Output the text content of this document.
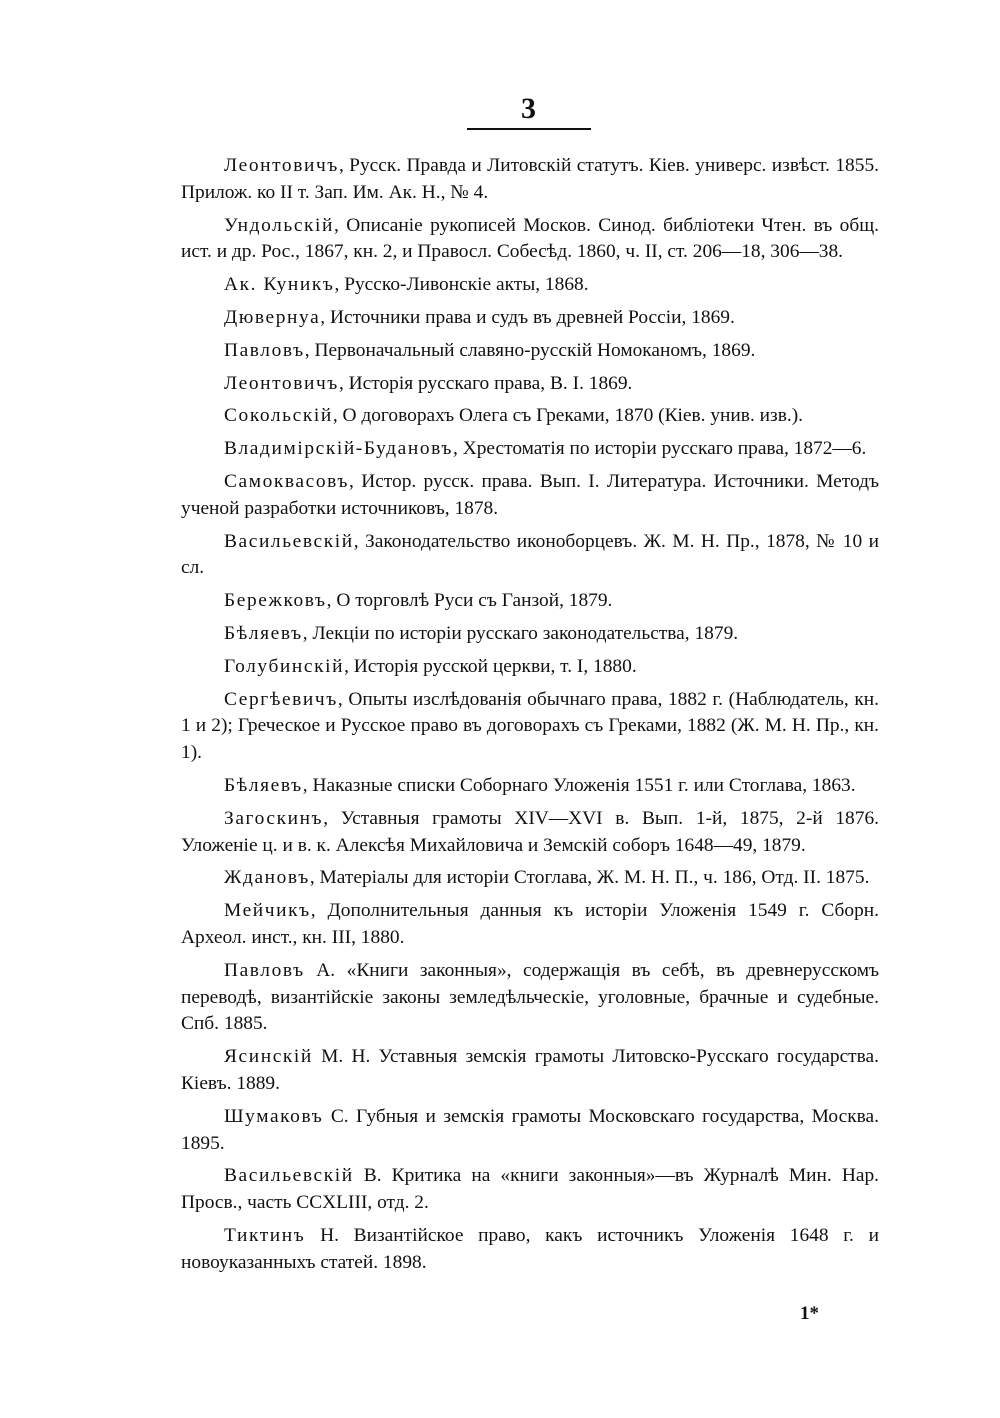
3

Леонтовичъ, Русск. Правда и Литовскій статутъ. Кіев. универс. извѣст. 1855. Прилож. ко II т. Зап. Им. Ак. Н., № 4.

Ундольскій, Описаніе рукописей Москов. Синод. библіотеки Чтен. въ общ. ист. и др. Рос., 1867, кн. 2, и Правосл. Собесѣд. 1860, ч. II, ст. 206—18, 306—38.

Ак. Куникъ, Русско-Ливонскіе акты, 1868.

Дювернуа, Источники права и судъ въ древней Россіи, 1869.

Павловъ, Первоначальный славяно-русскій Номоканомъ, 1869.

Леонтовичъ, Исторія русскаго права, В. I. 1869.

Сокольскій, О договорахъ Олега съ Греками, 1870 (Кіев. унив. изв.).

Владимірскій-Будановъ, Хрестоматія по исторіи русскаго права, 1872—6.

Самоквасовъ, Истор. русск. права. Вып. I. Литература. Источники. Методъ ученой разработки источниковъ, 1878.

Васильевскій, Законодательство иконоборцевъ. Ж. М. Н. Пр., 1878, № 10 и сл.

Бережковъ, О торговлѣ Руси съ Ганзой, 1879.

Бѣляевъ, Лекціи по исторіи русскаго законодательства, 1879.

Голубинскій, Исторія русской церкви, т. I, 1880.

Сергѣевичъ, Опыты изслѣдованія обычнаго права, 1882 г. (Наблюдатель, кн. 1 и 2); Греческое и Русское право въ договорахъ съ Греками, 1882 (Ж. М. Н. Пр., кн. 1).

Бѣляевъ, Наказные списки Соборнаго Уложенія 1551 г. или Стоглава, 1863.

Загоскинъ, Уставныя грамоты XIV—XVI в. Вып. 1-й, 1875, 2-й 1876. Уложеніе ц. и в. к. Алексѣя Михайловича и Земскій соборъ 1648—49, 1879.

Ждановъ, Матеріалы для исторіи Стоглава, Ж. М. Н. П., ч. 186, Отд. II. 1875.

Мейчикъ, Дополнительныя данныя къ исторіи Уложенія 1549 г. Сборн. Археол. инст., кн. III, 1880.

Павловъ А. «Книги законныя», содержащія въ себѣ, въ древнерусскомъ переводѣ, византійскіе законы земледѣльческіе, уголовные, брачные и судебные. Спб. 1885.

Ясинскій М. Н. Уставныя земскія грамоты Литовско-Русскаго государства. Кіевъ. 1889.

Шумаковъ С. Губныя и земскія грамоты Московскаго государства, Москва. 1895.

Васильевскій В. Критика на «книги законныя»—въ Журналѣ Мин. Нар. Просв., часть CCXLIII, отд. 2.

Тиктинъ Н. Византійское право, какъ источникъ Уложенія 1648 г. и новоуказанныхъ статей. 1898.

1*
